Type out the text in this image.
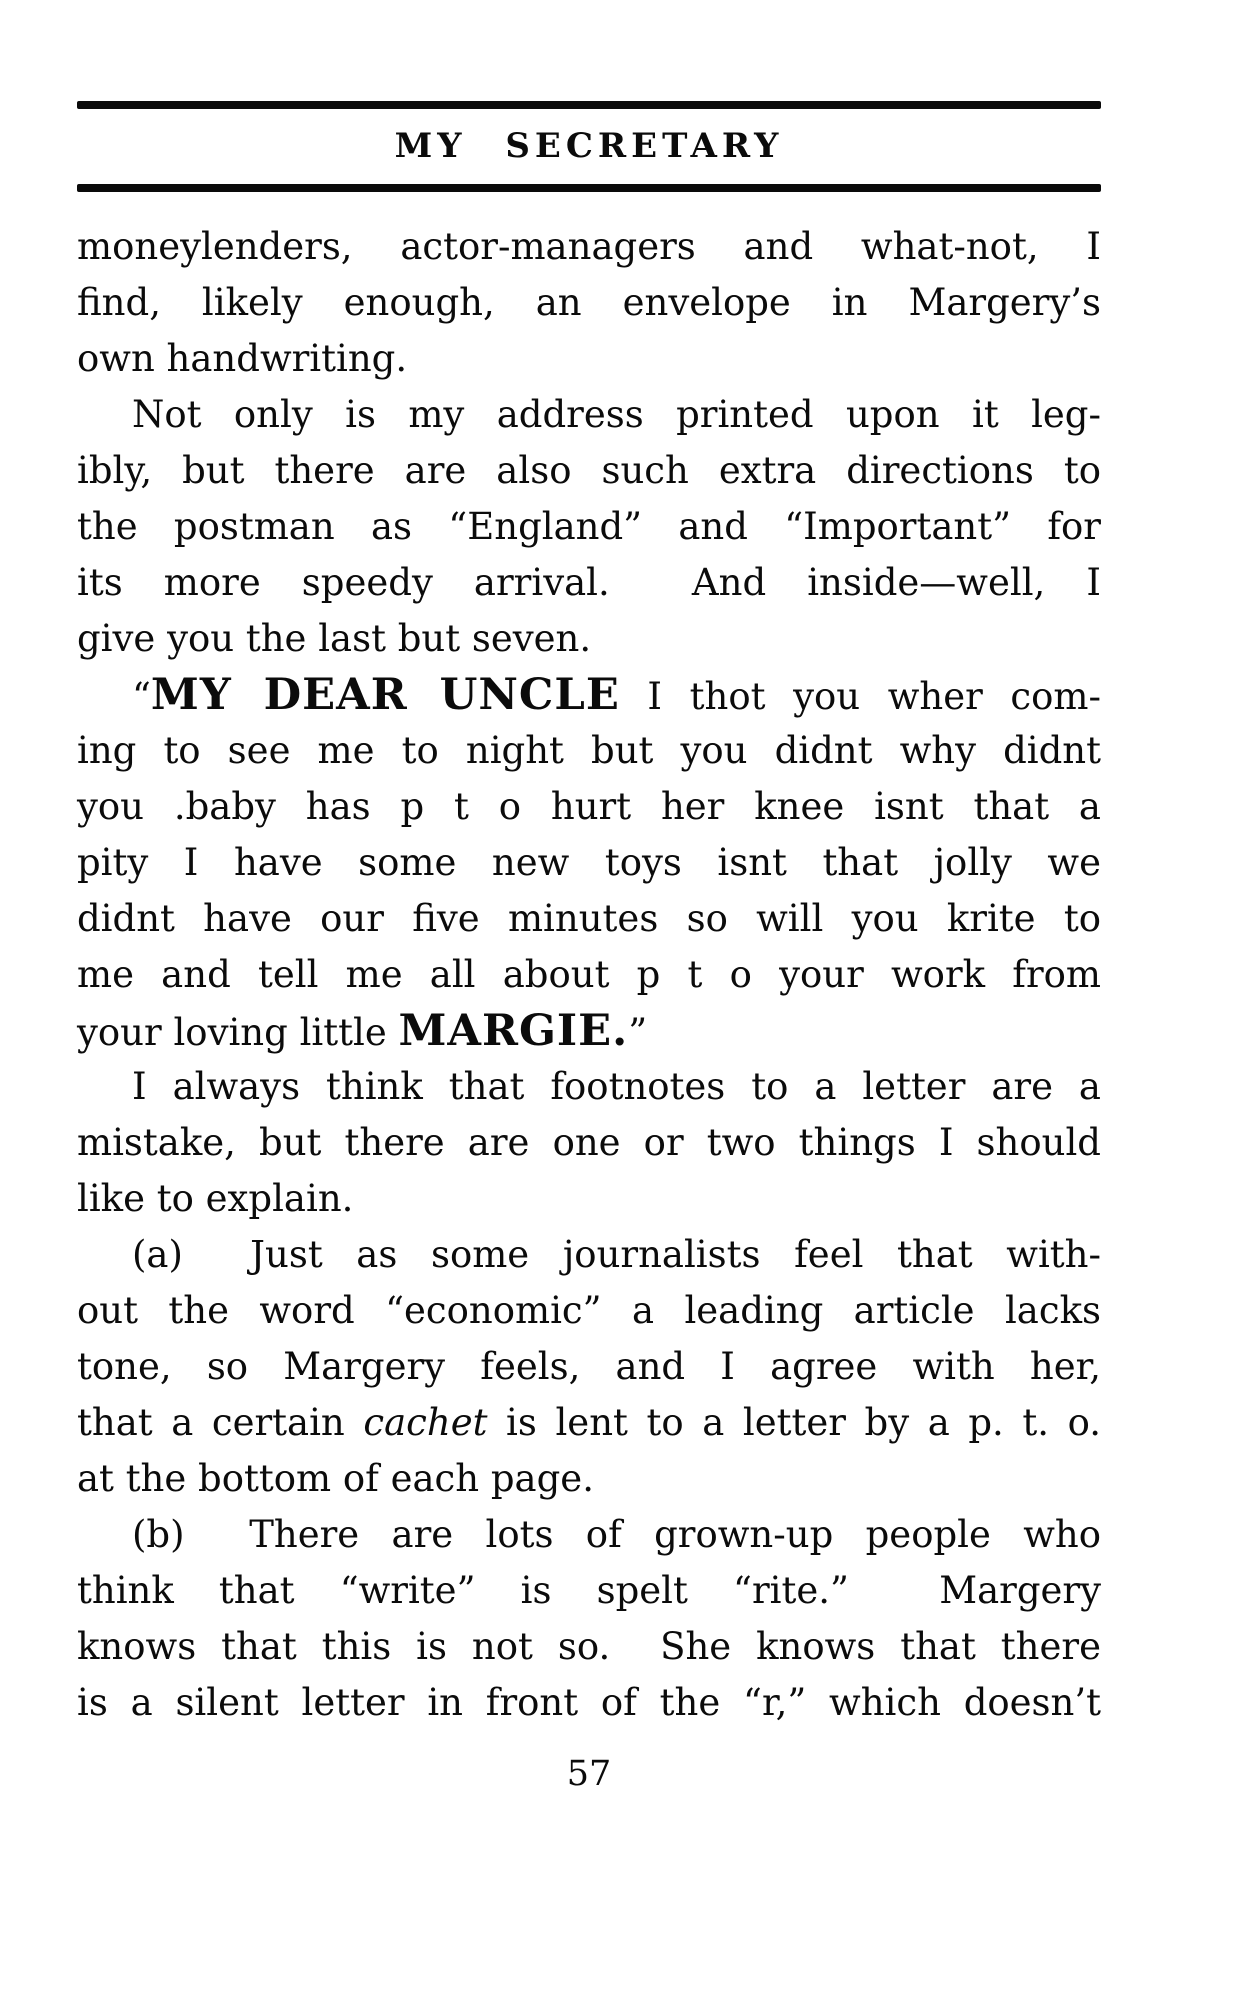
MY SECRETARY
moneylenders, actor-managers and what-not, I
find, likely enough, an envelope in Margery’s
own handwriting.
Not only is my address printed upon it leg-
ibly, but there are also such extra directions to
the postman as “England” and “Important” for
its more speedy arrival.  And inside—well, I
give you the last but seven.
“MY DEAR UNCLE I thot you wher com-
ing to see me to night but you didnt why didnt
you .baby has p t o hurt her knee isnt that a
pity I have some new toys isnt that jolly we
didnt have our five minutes so will you krite to
me and tell me all about p t o your work from
your loving little MARGIE.”
I always think that footnotes to a letter are a
mistake, but there are one or two things I should
like to explain.
(a)  Just as some journalists feel that with-
out the word “economic” a leading article lacks
tone, so Margery feels, and I agree with her,
that a certain cachet is lent to a letter by a p. t. o.
at the bottom of each page.
(b)  There are lots of grown-up people who
think that “write” is spelt “rite.”  Margery
knows that this is not so.  She knows that there
is a silent letter in front of the “r,” which doesn’t
57
